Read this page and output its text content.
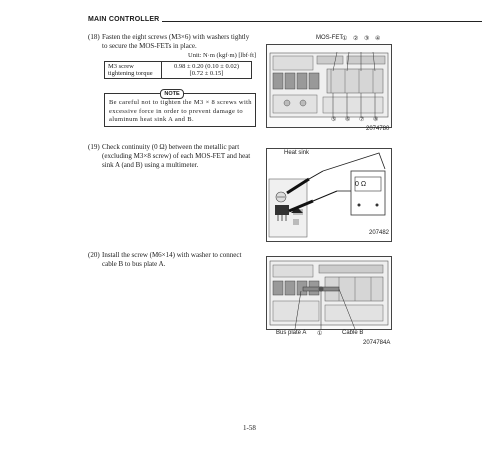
MAIN CONTROLLER
(18) Fasten the eight screws (M3×6) with washers tightly
to secure the MOS-FETs in place.
Unit: N·m (kgf·m) [lbf·ft]
M3 screw
tightening torque

0.98 ± 0.20 (0.10 ± 0.02)
[0.72 ± 0.15]
Be careful not to tighten the M3 × 8 screws with
excessive force in order to prevent damage to
aluminum heat sink A and B.
NOTE
MOS-FET ① ② ③ ④
⑤ ⑥ ⑦ ⑧
2074780
(19) Check continuity (0 Ω) between the metallic part
(excluding M3×8 screw) of each MOS-FET and heat
sink A (and B) using a multimeter.
Heat sink
0 Ω
207482
(20) Install the screw (M6×14) with washer to connect
cable B to bus plate A.
Bus plate A ①	Cable B
2074784A
1-58
